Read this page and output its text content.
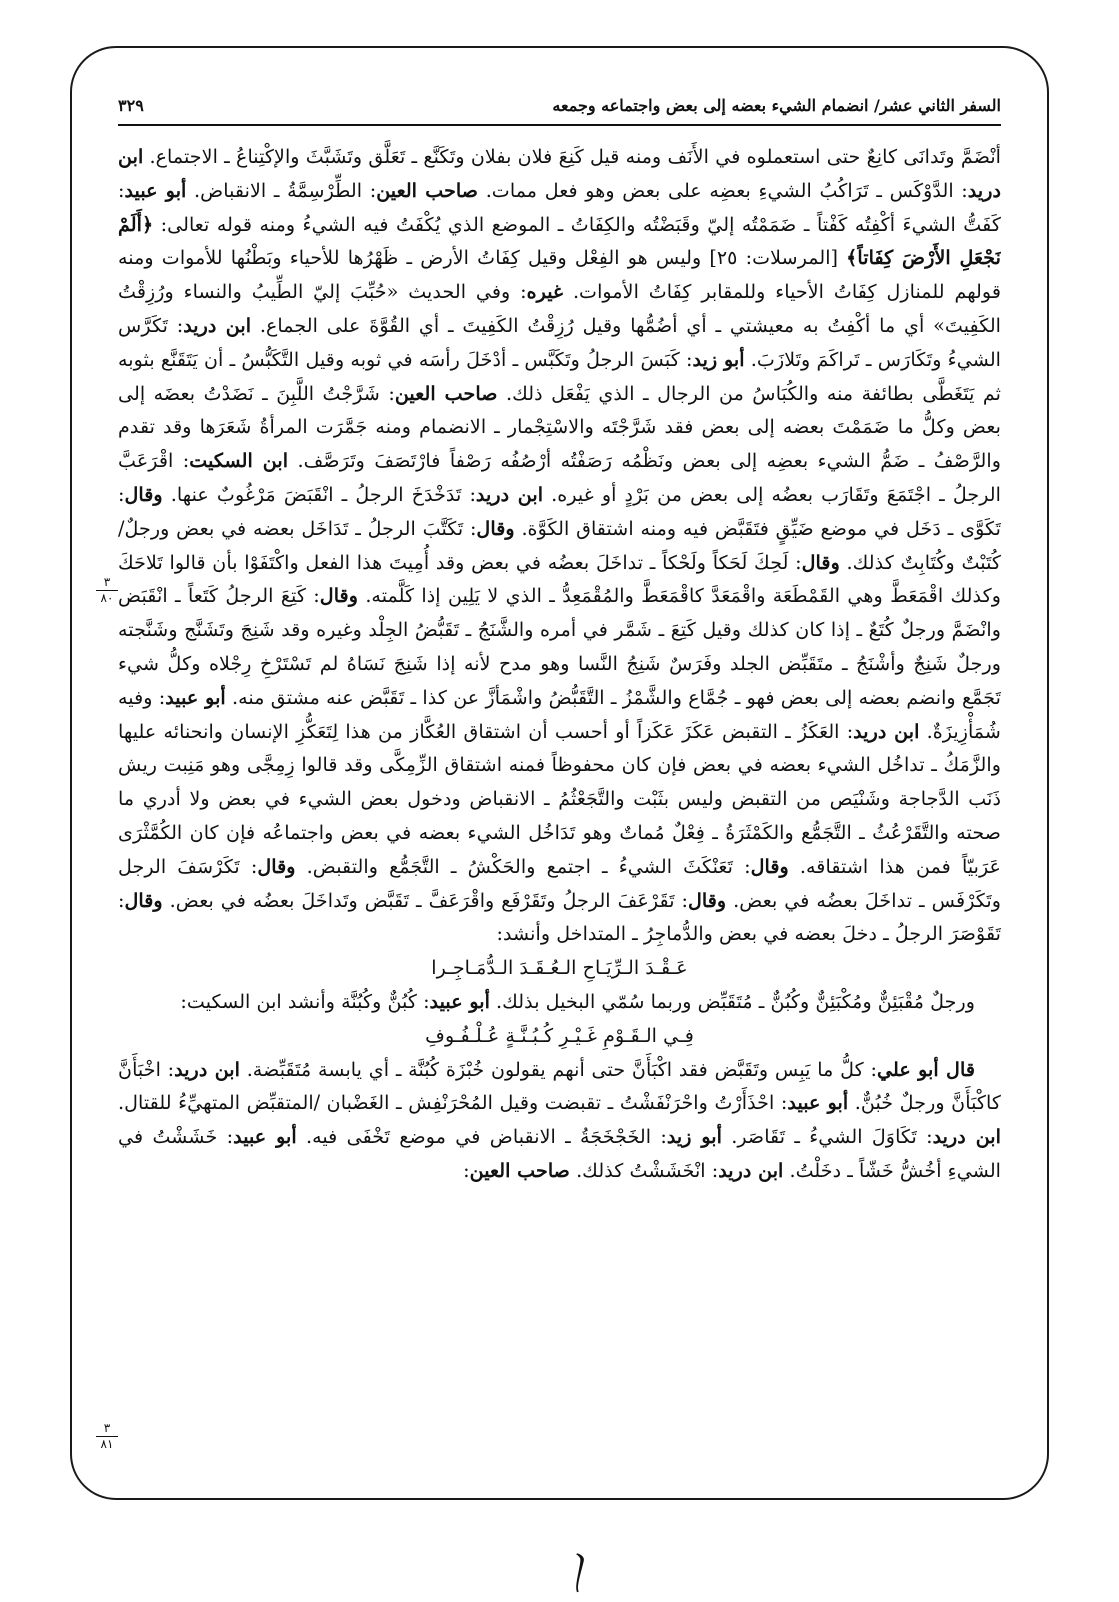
السفر الثاني عشر/ انضمام الشيء بعضه إلى بعض واجتماعه وجمعه
٣٢٩

أنْضَمَّ وتَدانَى كانِعٌ حتى استعملوه في الأَنَف ومنه قيل كَنِعَ فلان بفلان وتَكَنَّع ـ تَعَلَّق وتَشَبَّثَ والإكْتِناعُ ـ الاجتماع. ابن دريد: الدَّوْكَس ـ تَرَاكُبُ الشيءِ بعضِه على بعض وهو فعل ممات. صاحب العين: الطِّرْسِمَّةُ ـ الانقباض. أبو عبيد: كَفَتُّ الشيءَ أكْفِتُه كَفْتاً ـ ضَمَمْتُه إليّ وقَبَضْتُه والكِفَاتُ ـ الموضع الذي يُكْفَتُ فيه الشيءُ ومنه قوله تعالى: ﴿أَلَمْ نَجْعَلِ الأَرْضَ كِفَاتاً﴾ [المرسلات: ٢٥] وليس هو الفِعْل وقيل كِفَاتُ الأرض ـ ظَهْرُها للأحياء وبَطْنُها للأموات ومنه قولهم للمنازل كِفَاتُ الأحياء وللمقابر كِفَاتُ الأموات. غيره: وفي الحديث «حُبِّبَ إليّ الطِّيبُ والنساء ورُزِقْتُ الكَفِيتَ» أي ما أكْفِتُ به معيشتي ـ أي أضُمُّها وقيل رُزِقْتُ الكَفِيتَ ـ أي القُوَّةَ على الجماع. ابن دريد: تَكَرَّس الشيءُ وتَكَارَس ـ تَراكَمَ وتَلازَبَ. أبو زيد: كَبَسَ الرجلُ وتَكَبَّس ـ أدْخَلَ رأسَه في ثوبه وقيل التَّكَبُّسُ ـ أن يَتَقَنَّع بثوبه ثم يَتَغَطَّى بطائفة منه والكُبَاسُ من الرجال ـ الذي يَفْعَل ذلك. صاحب العين: شَرَّجْتُ اللَّبِنَ ـ نَضَدْتُ بعضَه إلى بعض وكلُّ ما ضَمَمْتَ بعضه إلى بعض فقد شَرَّجْتَه والاسْتِجْمار ـ الانضمام ومنه جَمَّرَت المرأةُ شَعَرَها وقد تقدم والرَّصْفُ ـ ضَمُّ الشيء بعضِه إلى بعض ونَظْمُه رَصَفْتُه أرْصُفُه رَصْفاً فارْتَصَفَ وتَرَصَّف. ابن السكيت: اقْرَعَبَّ الرجلُ ـ اجْتَمَعَ وتَقَارَب بعضُه إلى بعض من بَرْدٍ أو غيره. ابن دريد: تَدَخْدَخَ الرجلُ ـ انْقَبَضَ مَرْغُوبٌ عنها. وقال: تَكَوَّى ـ دَخَل في موضع ضَيِّقٍ فتَقَبَّض فيه ومنه اشتقاق الكَوَّة. وقال: تَكَتَّبَ الرجلُ ـ تَدَاخَل بعضه في بعض ورجلٌ/ كُتَبْتٌ وكُتَابِتٌ كذلك. وقال: لَحِكَ لَحَكاً ولَحْكاً ـ تداخَلَ بعضُه في بعض وقد أُمِيتَ هذا الفعل واكْتَفَوْا بأن قالوا تَلاحَكَ وكذلك اقْمَعَطَّ وهي القَمْطَعَة واقْمَعَدَّ كاقْمَعَطَّ والمُقْمَعِدُّ ـ الذي لا يَلِين إذا كَلَّمته. وقال: كَتِعَ الرجلُ كَتَعاً ـ انْقَبَض وانْضَمَّ ورجلٌ كُتَعٌ ـ إذا كان كذلك وقيل كَتِعَ ـ شَمَّر في أمره والشَّنَجُ ـ تَقَبُّضُ الجِلْد وغيره وقد شَنِجَ وتَشَنَّج وشَنَّجته ورجلٌ شَنِجٌ وأشْنَجُ ـ متَقَبِّض الجلد وفَرَسٌ شَنِجُ النَّسا وهو مدح لأنه إذا شَنِجَ نَسَاهُ لم تَسْتَرْخِ رِجْلاه وكلُّ شيء تَجَمَّع وانضم بعضه إلى بعض فهو ـ جُمَّاع والشَّمْزُ ـ التَّقَبُّضُ واشْمَأزَّ عن كذا ـ تَقَبَّض عنه مشتق منه. أبو عبيد: وفيه شُمَأْزِيزَةٌ. ابن دريد: العَكَزُ ـ التقبض عَكَزَ عَكَزاً أو أحسب أن اشتقاق العُكَّاز من هذا لِتَعَكُّزِ الإنسان وانحنائه عليها والزَّمَكُ ـ تداخُل الشيء بعضه في بعض فإن كان محفوظاً فمنه اشتقاق الزِّمِكَّى وقد قالوا زِمِجَّى وهو مَنِبت ريش ذَنَب الدَّجاجة وشَنْيَص من التقبض وليس بثَبْت والتَّجَعْثُمُ ـ الانقباض ودخول بعض الشيء في بعض ولا أدري ما صحته والتَّقَرْعُثُ ـ التَّجَمُّع والكَمْثَرَةُ ـ فِعْلٌ مُماتٌ وهو تَدَاخُل الشيء بعضه في بعض واجتماعُه فإن كان الكُمَّثْرَى عَرَبيّاً فمن هذا اشتقاقه. وقال: تَعَنْكَثَ الشيءُ ـ اجتمع والحَكْشُ ـ التَّجَمُّع والتقبض. وقال: تَكَرْسَفَ الرجل وتَكَرْفَس ـ تداخَلَ بعضُه في بعض. وقال: تَقَرْعَفَ الرجلُ وتَقَرْفَع واقْرَعَفَّ ـ تَقَبَّض وتَداخَلَ بعضُه في بعض. وقال: تَقَوْصَرَ الرجلُ ـ دخلَ بعضه في بعض والدُّماجِرُ ـ المتداخل وأنشد:

عَـقْـدَ الـرِّيَـاحِ الـعُـقَـدَ الـدُّمَـاجِـرا

ورجلٌ مُقْبَئِنٌّ ومُكْبَئِنٌّ وكُبُنٌّ ـ مُتَقَبِّض وربما سُمّي البخيل بذلك. أبو عبيد: كُبُنٌّ وكُبُنَّة وأنشد ابن السكيت:

فِـي الـقَـوْمِ غَـيْـرِ كُـبُـنَّـةٍ عُـلْـفُـوفِ

قال أبو علي: كلُّ ما يَبِس وتَقَبَّض فقد اكْبَأَنَّ حتى أنهم يقولون خُبْزَة كُبُنَّة ـ أي يابسة مُتَقَبِّضة. ابن دريد: اخْبَأَنَّ كاكْبَأَنَّ ورجلٌ خُبُنٌّ. أبو عبيد: احْذَأَرْتُ واحْرَنْفَشْتُ ـ تقبضت وقيل المُحْرَنْفِش ـ الغَضْبان /المتقبِّض المتهيِّءُ للقتال. ابن دريد: تَكَاوَلَ الشيءُ ـ تَقَاصَر. أبو زيد: الخَجْخَجَةُ ـ الانقباض في موضع تَخْفَى فيه. أبو عبيد: خَشَشْتُ في الشيءِ أخُشُّ خَشّاً ـ دخَلْتُ. ابن دريد: انْخَشَشْتُ كذلك. صاحب العين:

٣
٨٠
٣
٨١
〳
